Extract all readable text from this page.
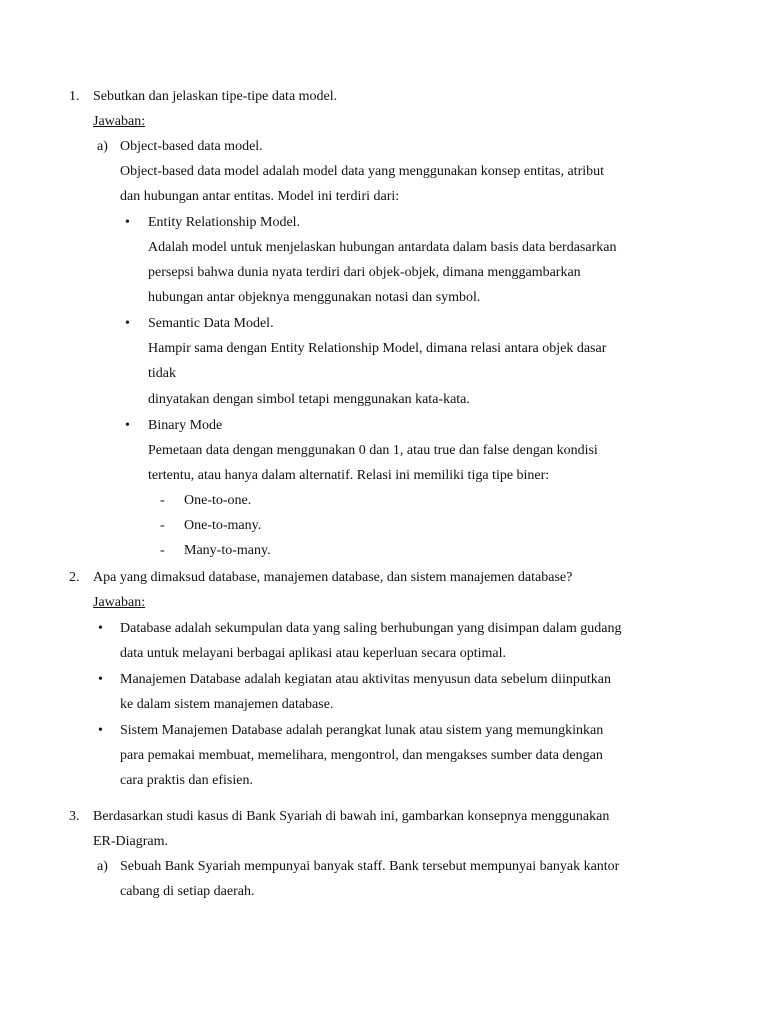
1. Sebutkan dan jelaskan tipe-tipe data model.
Jawaban:
a) Object-based data model.
Object-based data model adalah model data yang menggunakan konsep entitas, atribut
dan hubungan antar entitas. Model ini terdiri dari:
• Entity Relationship Model.
Adalah model untuk menjelaskan hubungan antardata dalam basis data berdasarkan
persepsi bahwa dunia nyata terdiri dari objek-objek, dimana menggambarkan
hubungan antar objeknya menggunakan notasi dan symbol.
• Semantic Data Model.
Hampir sama dengan Entity Relationship Model, dimana relasi antara objek dasar
tidak
dinyatakan dengan simbol tetapi menggunakan kata-kata.
• Binary Mode
Pemetaan data dengan menggunakan 0 dan 1, atau true dan false dengan kondisi
tertentu, atau hanya dalam alternatif. Relasi ini memiliki tiga tipe biner:
- One-to-one.
- One-to-many.
- Many-to-many.
2. Apa yang dimaksud database, manajemen database, dan sistem manajemen database?
Jawaban:
• Database adalah sekumpulan data yang saling berhubungan yang disimpan dalam gudang
data untuk melayani berbagai aplikasi atau keperluan secara optimal.
• Manajemen Database adalah kegiatan atau aktivitas menyusun data sebelum diinputkan
ke dalam sistem manajemen database.
• Sistem Manajemen Database adalah perangkat lunak atau sistem yang memungkinkan
para pemakai membuat, memelihara, mengontrol, dan mengakses sumber data dengan
cara praktis dan efisien.
3. Berdasarkan studi kasus di Bank Syariah di bawah ini, gambarkan konsepnya menggunakan
ER-Diagram.
a) Sebuah Bank Syariah mempunyai banyak staff. Bank tersebut mempunyai banyak kantor
cabang di setiap daerah.
